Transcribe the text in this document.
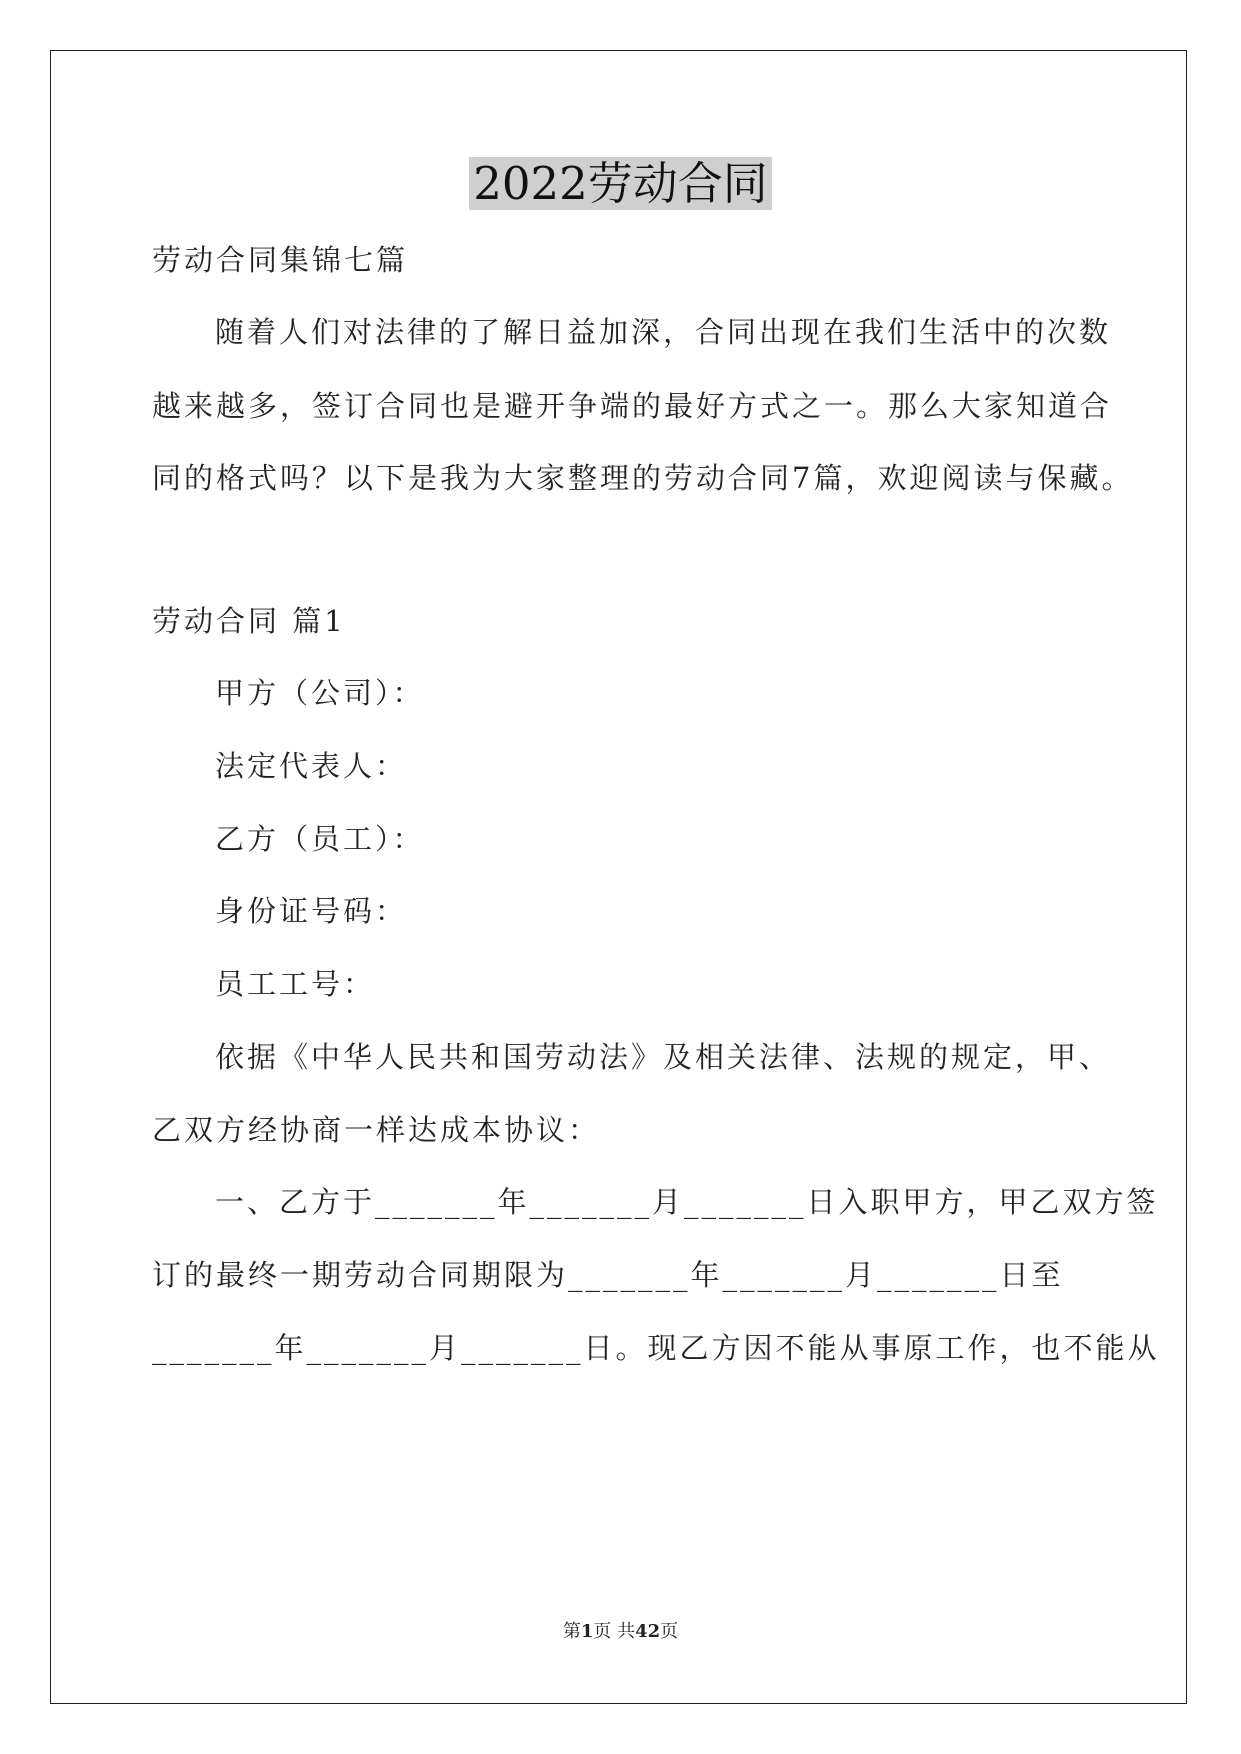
2022劳动合同
劳动合同集锦七篇
随着人们对法律的了解日益加深，合同出现在我们生活中的次数
越来越多，签订合同也是避开争端的最好方式之一。那么大家知道合
同的格式吗？以下是我为大家整理的劳动合同7篇，欢迎阅读与保藏。
劳动合同 篇1
甲方（公司）：
法定代表人：
乙方（员工）：
身份证号码：
员工工号：
依据《中华人民共和国劳动法》及相关法律、法规的规定，甲、
乙双方经协商一样达成本协议：
一、乙方于_______年_______月_______日入职甲方，甲乙双方签
订的最终一期劳动合同期限为_______年_______月_______日至
_______年_______月_______日。现乙方因不能从事原工作，也不能从
第1页 共42页
